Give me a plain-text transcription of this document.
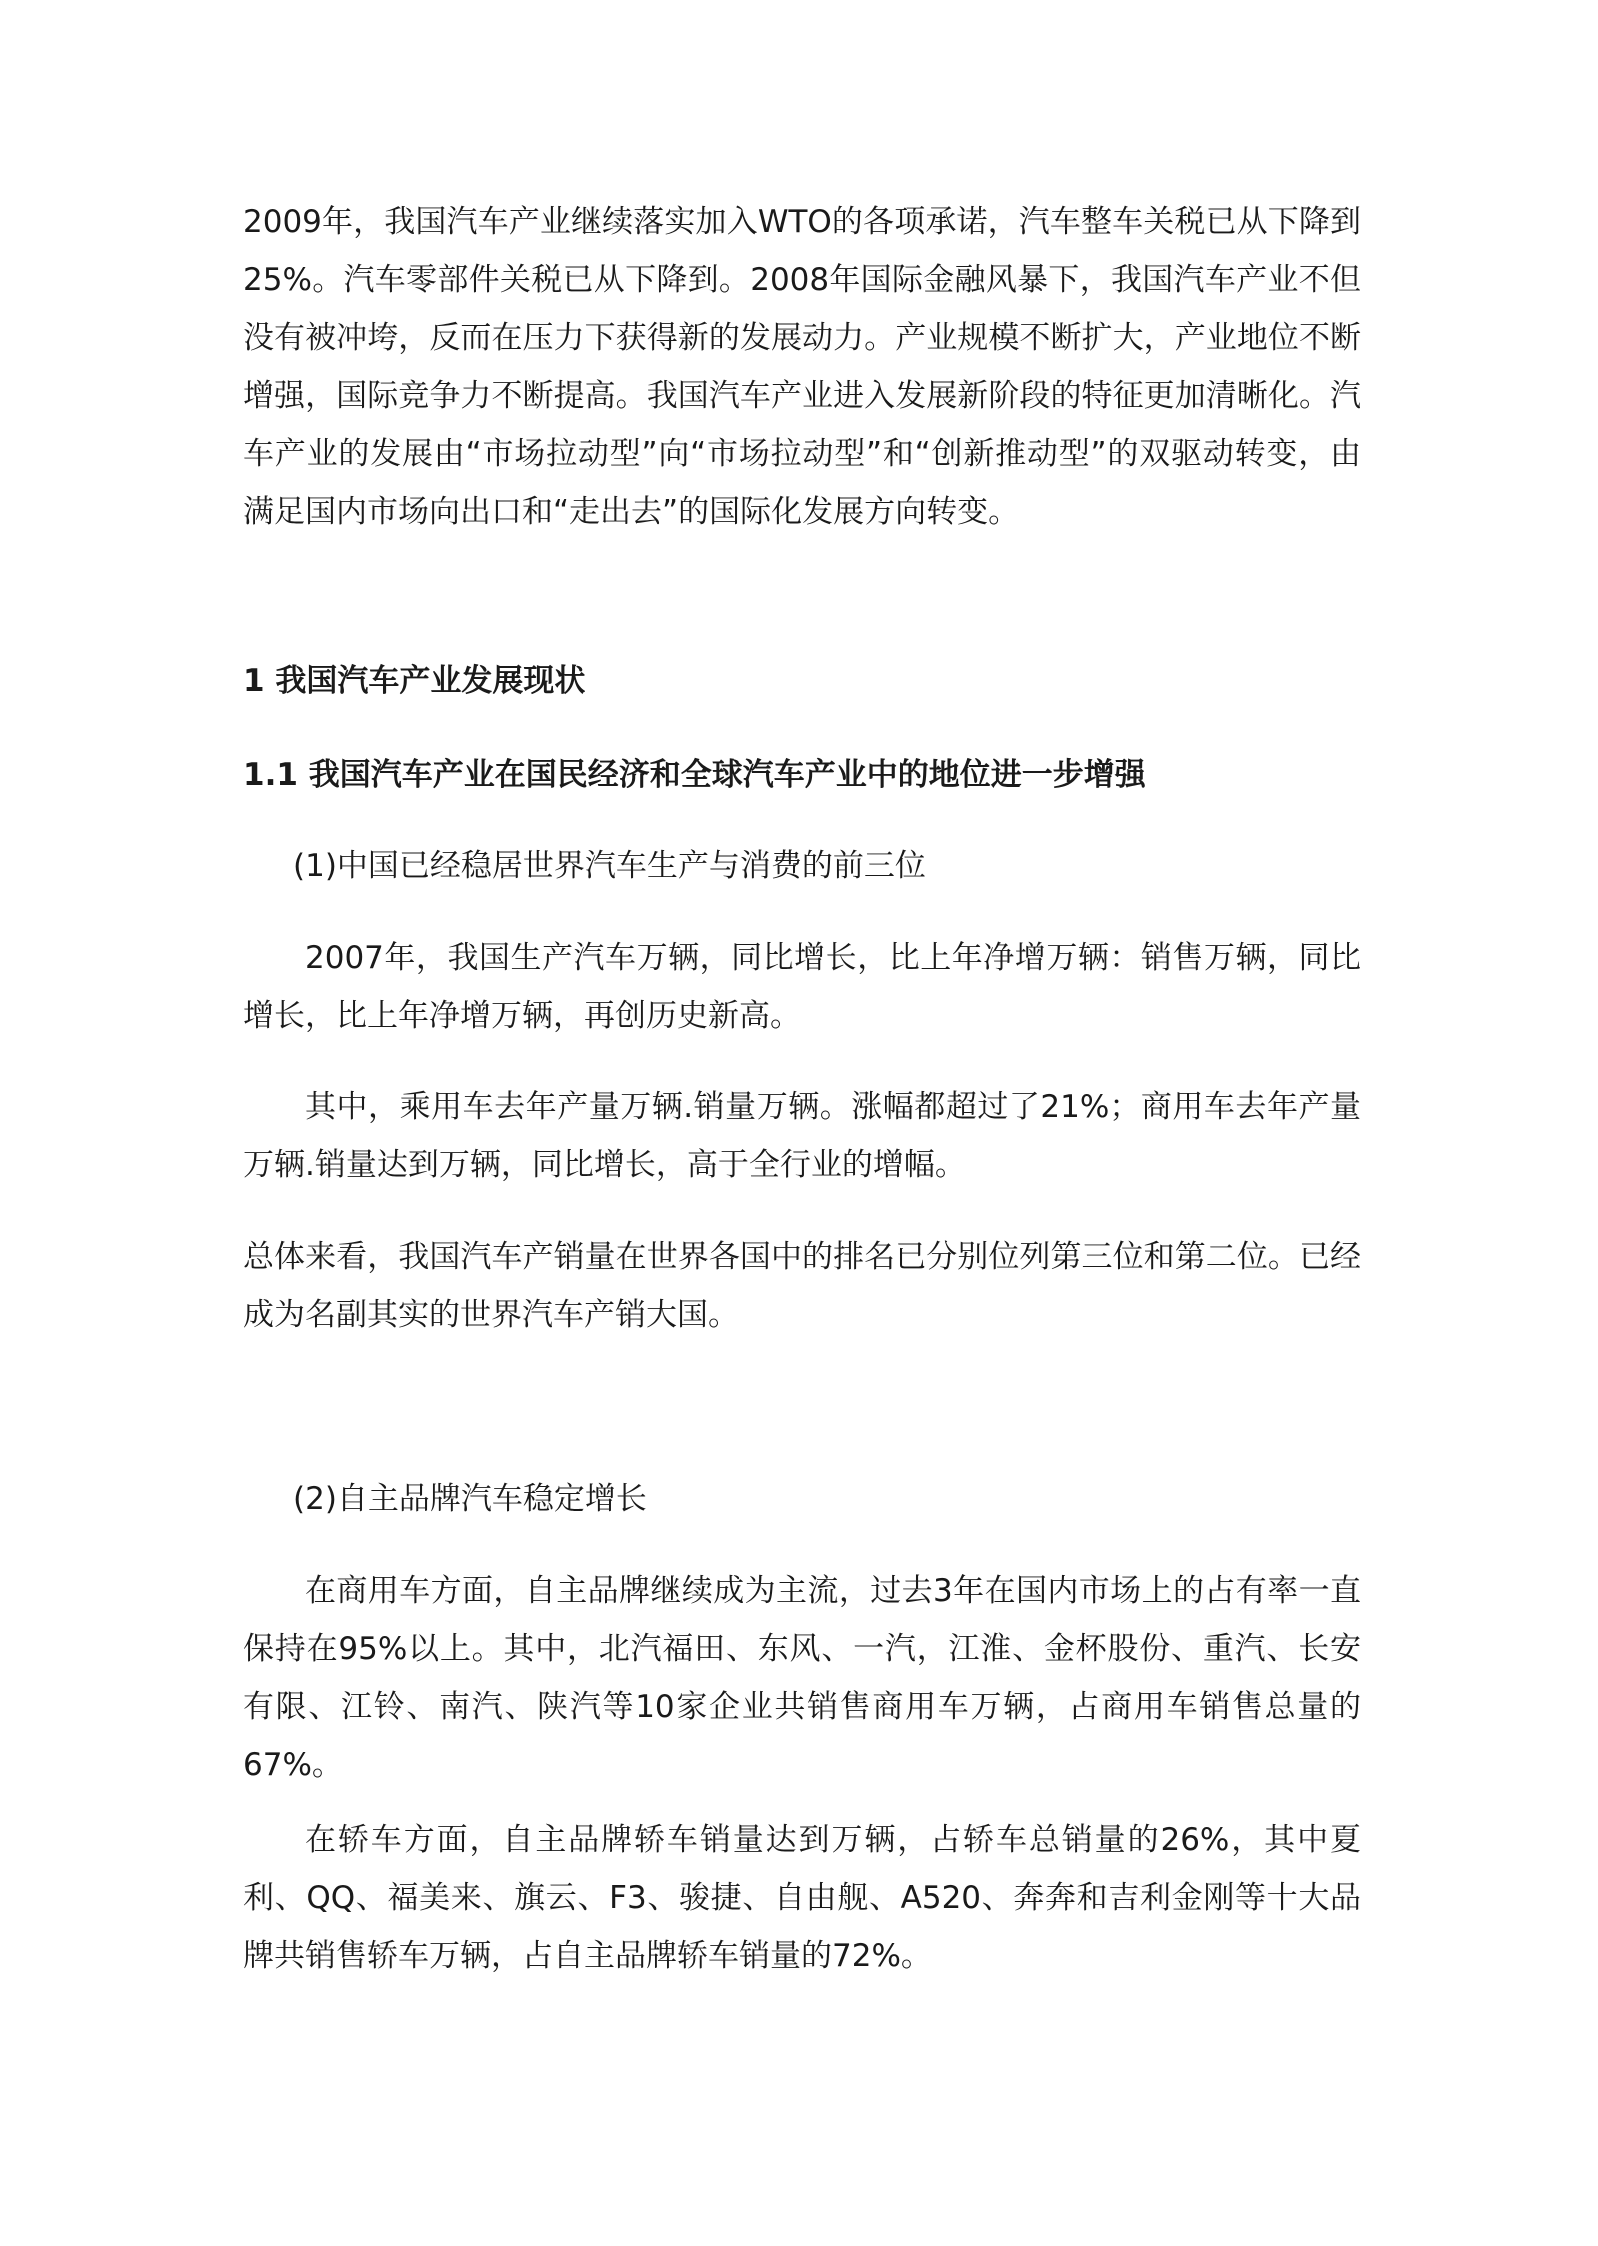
2009年，我国汽车产业继续落实加入WTO的各项承诺，汽车整车关税已从下降到25%。汽车零部件关税已从下降到。2008年国际金融风暴下，我国汽车产业不但没有被冲垮，反而在压力下获得新的发展动力。产业规模不断扩大，产业地位不断增强，国际竞争力不断提高。我国汽车产业进入发展新阶段的特征更加清晰化。汽车产业的发展由“市场拉动型”向“市场拉动型”和“创新推动型”的双驱动转变，由满足国内市场向出口和“走出去”的国际化发展方向转变。

1 我国汽车产业发展现状
1.1 我国汽车产业在国民经济和全球汽车产业中的地位进一步增强

(1)中国已经稳居世界汽车生产与消费的前三位

2007年，我国生产汽车万辆，同比增长，比上年净增万辆：销售万辆，同比增长，比上年净增万辆，再创历史新高。

其中，乘用车去年产量万辆.销量万辆。涨幅都超过了21%；商用车去年产量万辆.销量达到万辆，同比增长，高于全行业的增幅。

总体来看，我国汽车产销量在世界各国中的排名已分别位列第三位和第二位。已经成为名副其实的世界汽车产销大国。

(2)自主品牌汽车稳定增长

在商用车方面，自主品牌继续成为主流，过去3年在国内市场上的占有率一直保持在95%以上。其中，北汽福田、东风、一汽，江淮、金杯股份、重汽、长安有限、江铃、南汽、陕汽等10家企业共销售商用车万辆，占商用车销售总量的67%。

在轿车方面，自主品牌轿车销量达到万辆，占轿车总销量的26%，其中夏利、QQ、福美来、旗云、F3、骏捷、自由舰、A520、奔奔和吉利金刚等十大品牌共销售轿车万辆，占自主品牌轿车销量的72%。
